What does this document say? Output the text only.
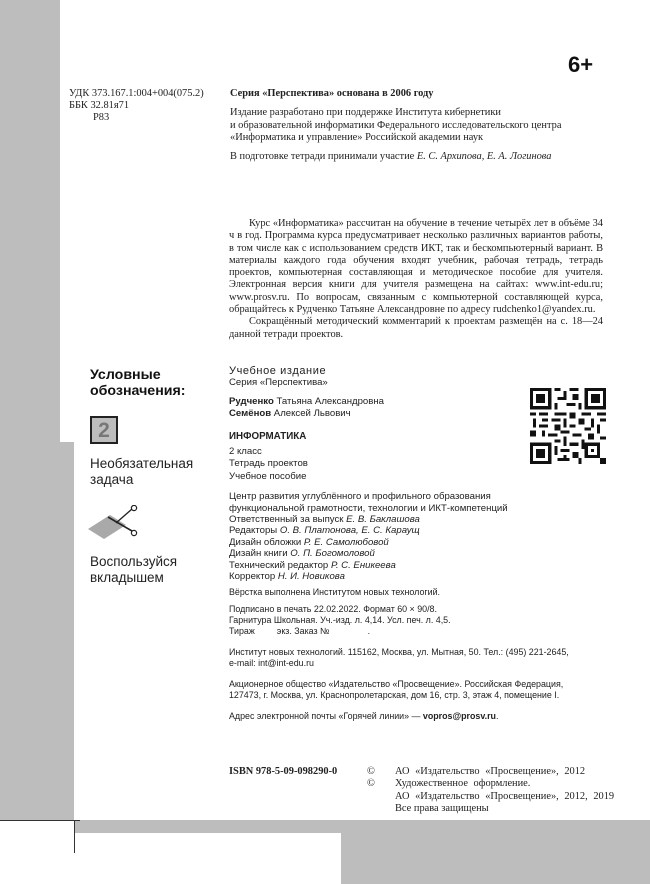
6+
УДК 373.167.1:004+004(075.2)
ББК 32.81я71
Р83
Серия «Перспектива» основана в 2006 году
Издание разработано при поддержке Института кибернетики
и образовательной информатики Федерального исследовательского центра
«Информатика и управление» Российской академии наук
В подготовке тетради принимали участие Е. С. Архипова, Е. А. Логинова

Курс «Информатика» рассчитан на обучение в течение четырёх лет в объёме 34 ч в год. Программа курса предусматривает несколько различных вариантов работы, в том числе как с использованием средств ИКТ, так и бескомпьютерный вариант. В материалы каждого года обучения входят учебник, рабочая тетрадь, тетрадь проектов, компьютерная составляющая и методическое пособие для учителя. Электронная версия книги для учителя размещена на сайтах: www.int-edu.ru; www.prosv.ru. По вопросам, связанным с компьютерной составляющей курса, обращайтесь к Рудченко Татьяне Александровне по адресу rudchenko1@yandex.ru.

Сокращённый методический комментарий к проектам размещён на с. 18—24 данной тетради проектов.

Условные
обозначения:
2
Необязательная
задача
Воспользуйся
вкладышем
Учебное издание
Серия «Перспектива»
Рудченко Татьяна Александровна
Семёнов Алексей Львович
ИНФОРМАТИКА
2 класс
Тетрадь проектов
Учебное пособие
Центр развития углублённого и профильного образования
функциональной грамотности, технологии и ИКТ-компетенций
Ответственный за выпуск Е. В. Баклашова
Редакторы О. В. Платонова, Е. С. Караущ
Дизайн обложки Р. Е. Самолюбовой
Дизайн книги О. П. Богомоловой
Технический редактор Р. С. Еникеева
Корректор Н. И. Новикова
Вёрстка выполнена Институтом новых технологий.
Подписано в печать 22.02.2022. Формат 60 × 90/8.
Гарнитура Школьная. Уч.-изд. л. 4,14. Усл. печ. л. 4,5.
Тираж экз. Заказ №	.
Институт новых технологий. 115162, Москва, ул. Мытная, 50. Тел.: (495) 221-2645,
e-mail: int@int-edu.ru
Акционерное общество «Издательство «Просвещение». Российская Федерация,
127473, г. Москва, ул. Краснопролетарская, дом 16, стр. 3, этаж 4, помещение I.
Адрес электронной почты «Горячей линии» — vopros@prosv.ru.
ISBN 978-5-09-098290-0	© АО «Издательство «Просвещение», 2012
© Художественное оформление.
АО «Издательство «Просвещение», 2012, 2019
Все права защищены
